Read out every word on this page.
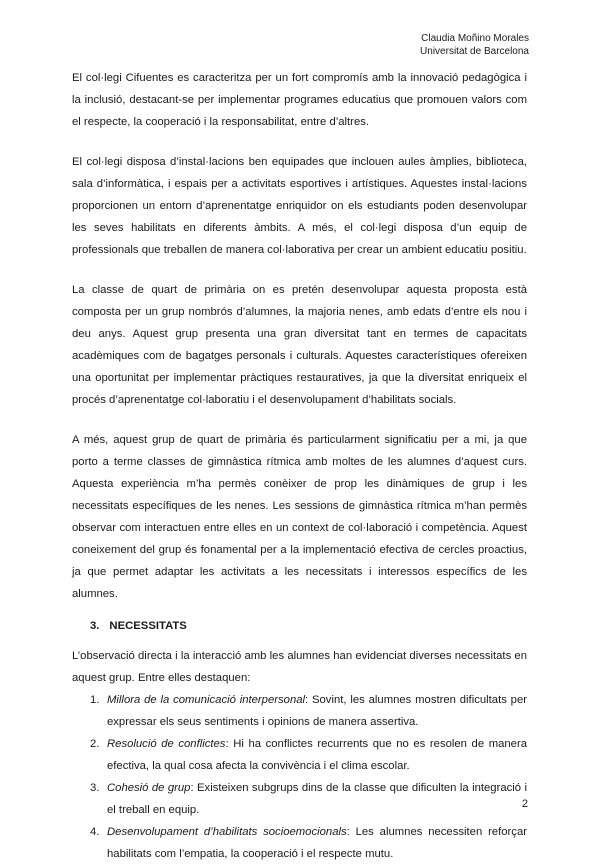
Claudia Moñino Morales
Universitat de Barcelona

El col·legi Cifuentes es caracteritza per un fort compromís amb la innovació pedagògica i la inclusió, destacant-se per implementar programes educatius que promouen valors com el respecte, la cooperació i la responsabilitat, entre d’altres.

El col·legi disposa d’instal·lacions ben equipades que inclouen aules àmplies, biblioteca, sala d’informàtica, i espais per a activitats esportives i artístiques. Aquestes instal·lacions proporcionen un entorn d’aprenentatge enriquidor on els estudiants poden desenvolupar les seves habilitats en diferents àmbits. A més, el col·legi disposa d’un equip de professionals que treballen de manera col·laborativa per crear un ambient educatiu positiu.

La classe de quart de primària on es pretén desenvolupar aquesta proposta està composta per un grup nombrós d’alumnes, la majoria nenes, amb edats d’entre els nou i deu anys. Aquest grup presenta una gran diversitat tant en termes de capacitats acadèmiques com de bagatges personals i culturals. Aquestes característiques ofereixen una oportunitat per implementar pràctiques restauratives, ja que la diversitat enriqueix el procés d’aprenentatge col·laboratiu i el desenvolupament d’habilitats socials.

A més, aquest grup de quart de primària és particularment significatiu per a mi, ja que porto a terme classes de gimnàstica rítmica amb moltes de les alumnes d’aquest curs. Aquesta experiència m’ha permès conèixer de prop les dinàmiques de grup i les necessitats específiques de les nenes. Les sessions de gimnàstica rítmica m’han permès observar com interactuen entre elles en un context de col·laboració i competència. Aquest coneixement del grup és fonamental per a la implementació efectiva de cercles proactius, ja que permet adaptar les activitats a les necessitats i interessos específics de les alumnes.

3. NECESSITATS

L’observació directa i la interacció amb les alumnes han evidenciat diverses necessitats en aquest grup. Entre elles destaquen:

1. Millora de la comunicació interpersonal: Sovint, les alumnes mostren dificultats per expressar els seus sentiments i opinions de manera assertiva.
2. Resolució de conflictes: Hi ha conflictes recurrents que no es resolen de manera efectiva, la qual cosa afecta la convivència i el clima escolar.
3. Cohesió de grup: Existeixen subgrups dins de la classe que dificulten la integració i el treball en equip.
4. Desenvolupament d’habilitats socioemocionals: Les alumnes necessiten reforçar habilitats com l’empatia, la cooperació i el respecte mutu.
2
